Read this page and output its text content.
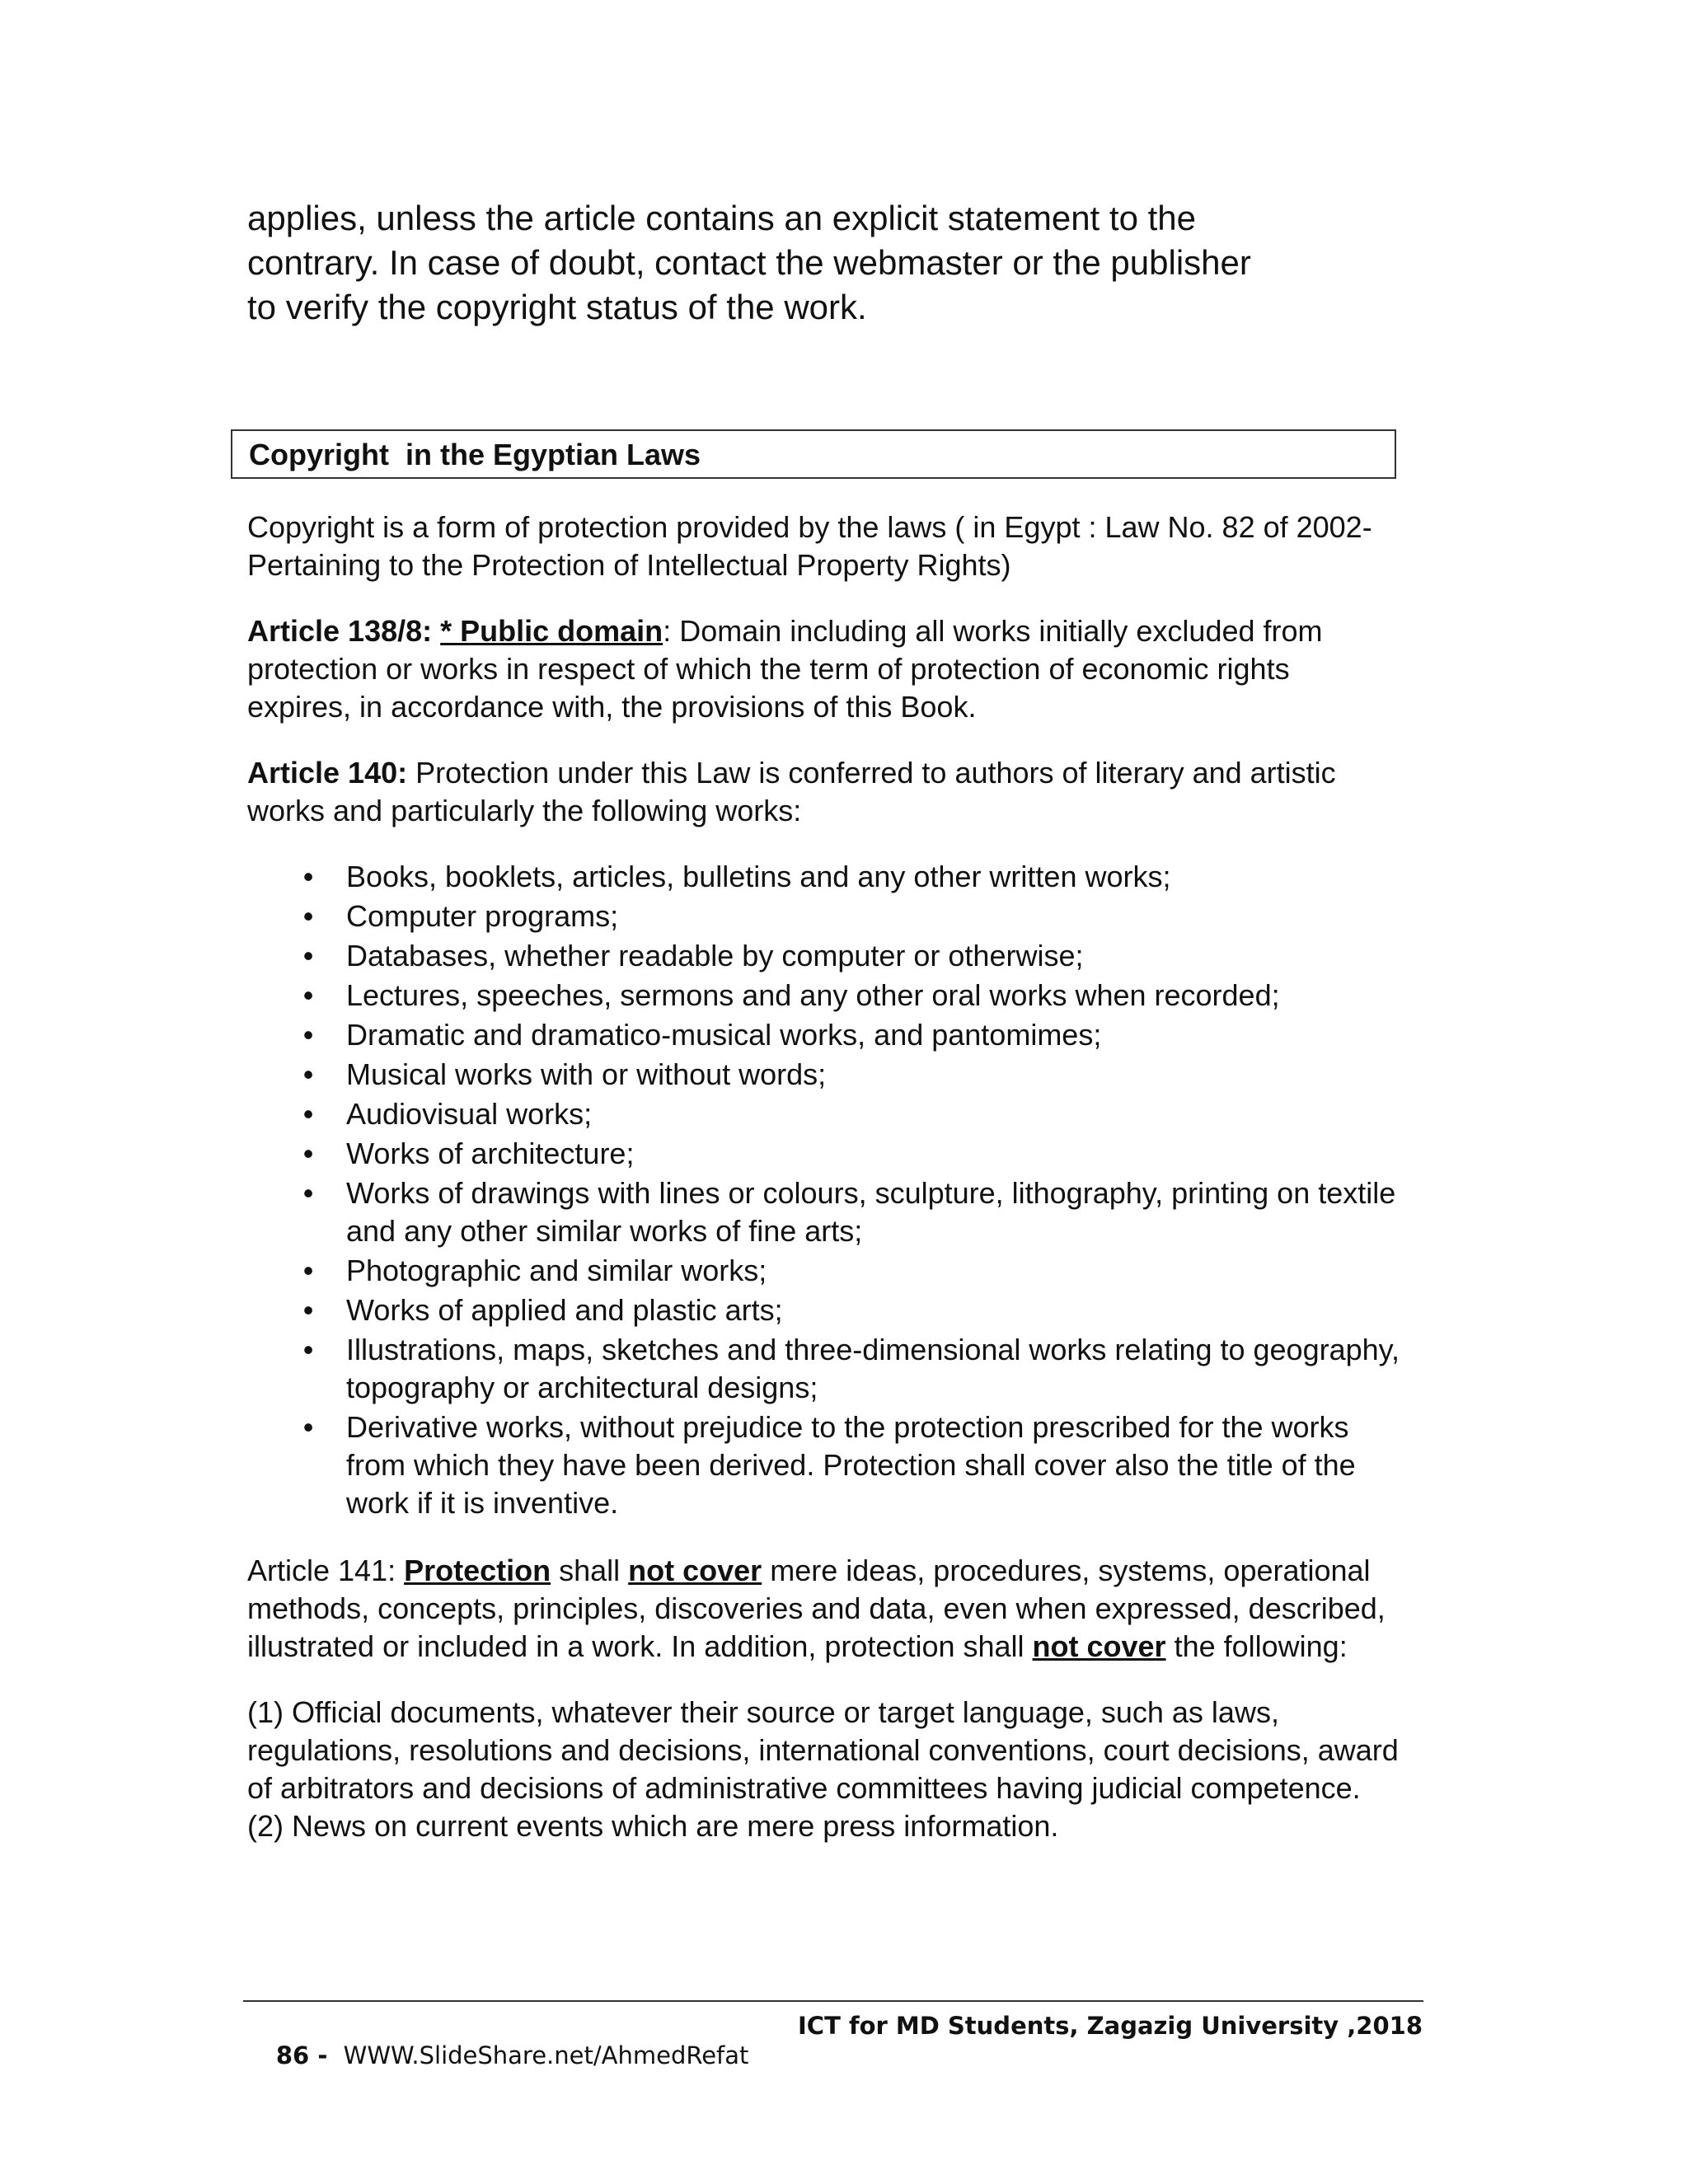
applies, unless the article contains an explicit statement to the
contrary. In case of doubt, contact the webmaster or the publisher
to verify the copyright status of the work.
Copyright  in the Egyptian Laws

Copyright is a form of protection provided by the laws ( in Egypt : Law No. 82 of 2002- Pertaining to the Protection of Intellectual Property Rights)

Article 138/8: * Public domain: Domain including all works initially excluded from protection or works in respect of which the term of protection of economic rights expires, in accordance with, the provisions of this Book.

Article 140: Protection under this Law is conferred to authors of literary and artistic works and particularly the following works:

• Books, booklets, articles, bulletins and any other written works;
• Computer programs;
• Databases, whether readable by computer or otherwise;
• Lectures, speeches, sermons and any other oral works when recorded;
• Dramatic and dramatico-musical works, and pantomimes;
• Musical works with or without words;
• Audiovisual works;
• Works of architecture;
• Works of drawings with lines or colours, sculpture, lithography, printing on textile and any other similar works of fine arts;
• Photographic and similar works;
• Works of applied and plastic arts;
• Illustrations, maps, sketches and three-dimensional works relating to geography, topography or architectural designs;
• Derivative works, without prejudice to the protection prescribed for the works from which they have been derived. Protection shall cover also the title of the work if it is inventive.

Article 141: Protection shall not cover mere ideas, procedures, systems, operational methods, concepts, principles, discoveries and data, even when expressed, described, illustrated or included in a work. In addition, protection shall not cover the following:

(1) Official documents, whatever their source or target language, such as laws, regulations, resolutions and decisions, international conventions, court decisions, award of arbitrators and decisions of administrative committees having judicial competence.

(2) News on current events which are mere press information.

86 -  WWW.SlideShare.net/AhmedRefat
ICT for MD Students, Zagazig University ,2018
